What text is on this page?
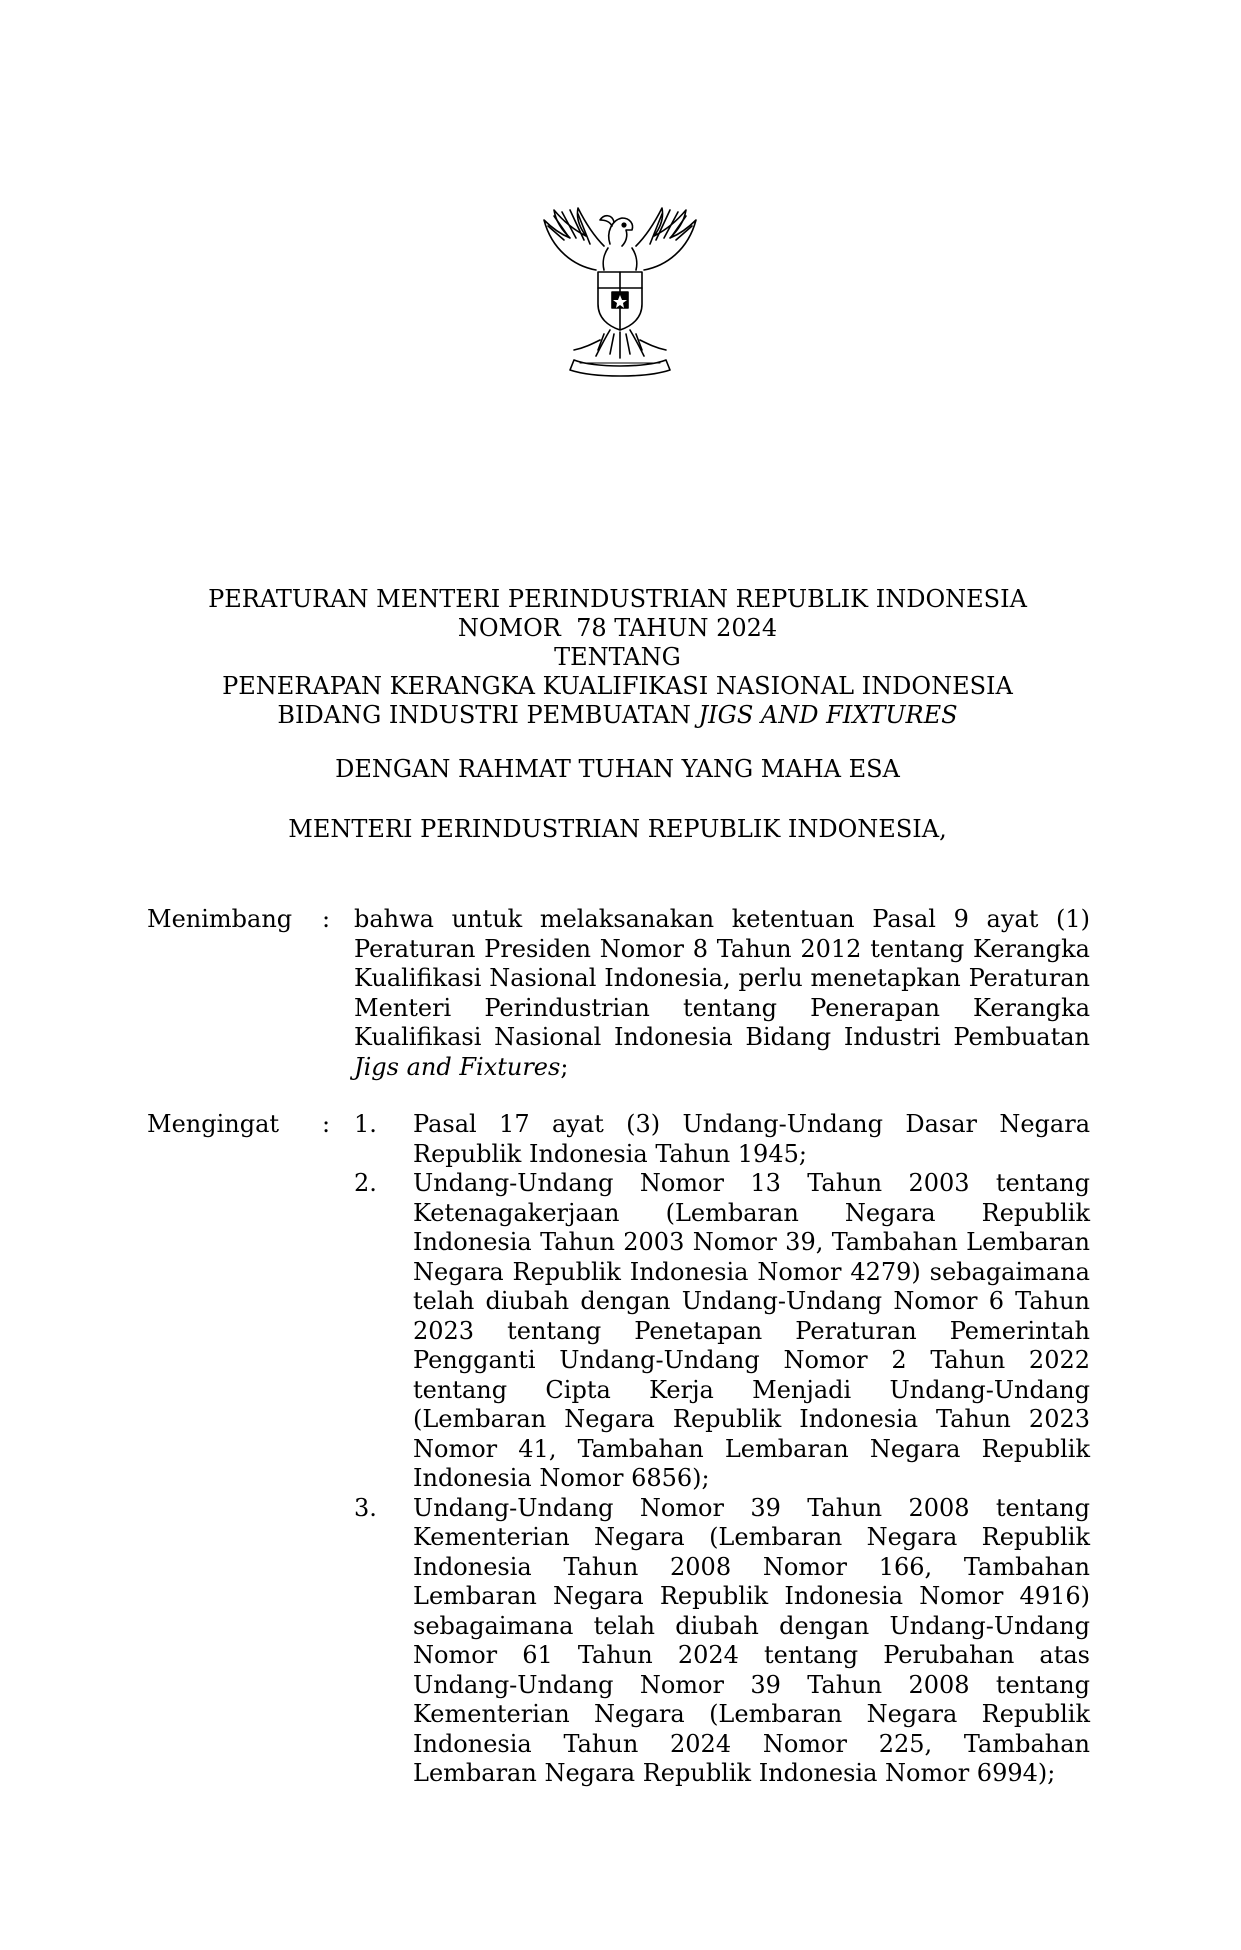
PERATURAN MENTERI PERINDUSTRIAN REPUBLIK INDONESIA
NOMOR  78 TAHUN 2024
TENTANG
PENERAPAN KERANGKA KUALIFIKASI NASIONAL INDONESIA
BIDANG INDUSTRI PEMBUATAN JIGS AND FIXTURES
DENGAN RAHMAT TUHAN YANG MAHA ESA
MENTERI PERINDUSTRIAN REPUBLIK INDONESIA,
Menimbang : bahwa untuk melaksanakan ketentuan Pasal 9 ayat (1) Peraturan Presiden Nomor 8 Tahun 2012 tentang Kerangka Kualifikasi Nasional Indonesia, perlu menetapkan Peraturan Menteri Perindustrian tentang Penerapan Kerangka Kualifikasi Nasional Indonesia Bidang Industri Pembuatan Jigs and Fixtures;
Mengingat : 1. Pasal 17 ayat (3) Undang-Undang Dasar Negara Republik Indonesia Tahun 1945;
2. Undang-Undang Nomor 13 Tahun 2003 tentang Ketenagakerjaan (Lembaran Negara Republik Indonesia Tahun 2003 Nomor 39, Tambahan Lembaran Negara Republik Indonesia Nomor 4279) sebagaimana telah diubah dengan Undang-Undang Nomor 6 Tahun 2023 tentang Penetapan Peraturan Pemerintah Pengganti Undang-Undang Nomor 2 Tahun 2022 tentang Cipta Kerja Menjadi Undang-Undang (Lembaran Negara Republik Indonesia Tahun 2023 Nomor 41, Tambahan Lembaran Negara Republik Indonesia Nomor 6856);
3. Undang-Undang Nomor 39 Tahun 2008 tentang Kementerian Negara (Lembaran Negara Republik Indonesia Tahun 2008 Nomor 166, Tambahan Lembaran Negara Republik Indonesia Nomor 4916) sebagaimana telah diubah dengan Undang-Undang Nomor 61 Tahun 2024 tentang Perubahan atas Undang-Undang Nomor 39 Tahun 2008 tentang Kementerian Negara (Lembaran Negara Republik Indonesia Tahun 2024 Nomor 225, Tambahan Lembaran Negara Republik Indonesia Nomor 6994);
